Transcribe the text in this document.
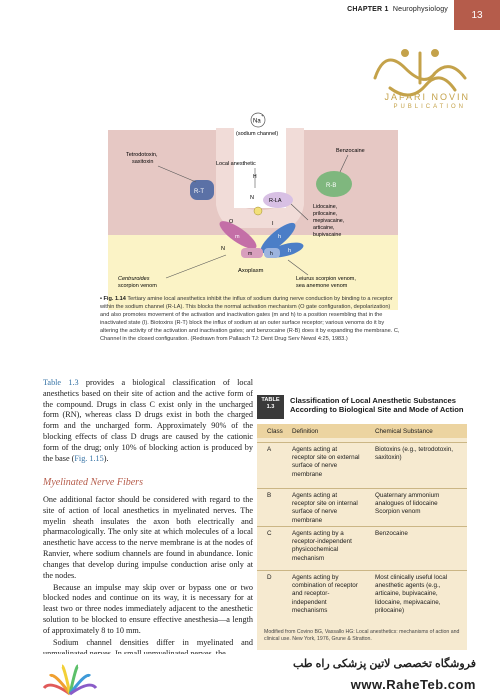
CHAPTER 1 Neurophysiology	13
JAFARI NOVIN
PUBLICATION
Na
+
(sodium channel)
Tetrodotoxin,
saxitoxin
R-T
Local anesthetic
H
N	R-LA
Benzocaine
R-B
Lidocaine,
prilocaine,
mepivacaine,
articaine,
bupivacaine
O	I
m	h
h
m	h
N
Axoplasm
Centruroides
scorpion venom
Leiurus scorpion venom,
sea anemone venom
• Fig. 1.14 Tertiary amine local anesthetics inhibit the influx of sodium during nerve conduction by binding to a receptor within the sodium channel (R-LA). This blocks the normal activation mechanism (O gate configuration, depolarization) and also promotes movement of the activation and inactivation gates (m and h) to a position resembling that in the inactivated state (I). Biotoxins (R-T) block the influx of sodium at an outer surface receptor; various venoms do it by altering the activity of the activation and inactivation gates; and benzocaine (R-B) does it by expanding the membrane. C, Channel in the closed configuration. (Redrawn from Pallasch TJ: Dent Drug Serv Newsl 4:25, 1983.)

Table 1.3 provides a biological classification of local anesthetics based on their site of action and the active form of the compound. Drugs in class C exist only in the uncharged form (RN), whereas class D drugs exist in both the charged form and the uncharged form. Approximately 90% of the blocking effects of class D drugs are caused by the cationic form of the drug; only 10% of blocking action is produced by the base (Fig. 1.15).

Myelinated Nerve Fibers

One additional factor should be considered with regard to the site of action of local anesthetics in myelinated nerves. The myelin sheath insulates the axon both electrically and pharmacologically. The only site at which molecules of a local anesthetic have access to the nerve membrane is at the nodes of Ranvier, where sodium channels are found in abundance. Ionic changes that develop during impulse conduction arise only at the nodes.

Because an impulse may skip over or bypass one or two blocked nodes and continue on its way, it is necessary for at least two or three nodes immediately adjacent to the anesthetic solution to be blocked to ensure effective anesthesia—a length of approximately 8 to 10 mm.

Sodium channel densities differ in myelinated and

TABLE
1.3
Classification of Local Anesthetic Substances According to Biological Site and Mode of Action
Class Definition	Chemical Substance
A	Agents acting at receptor site on external surface of nerve membrane
Biotoxins (e.g., tetrodotoxin, saxitoxin)
B	Agents acting at receptor site on internal surface of nerve membrane
Quaternary ammonium analogues of lidocaine Scorpion venom
C	Agents acting by a receptor-independent physicochemical mechanism
Benzocaine
D	Agents acting by combination of receptor and receptor-independent mechanisms
Most clinically useful local anesthetic agents (e.g., articaine, bupivacaine, lidocaine, mepivacaine, prilocaine)
Modified from Covino BG, Vassallo HG: Local anesthetics: mechanisms of action and clinical use. New York, 1976, Grune & Stratton.
فروشگاه تخصصی لاتین پزشکی راه طب
www.RaheTeb.com
